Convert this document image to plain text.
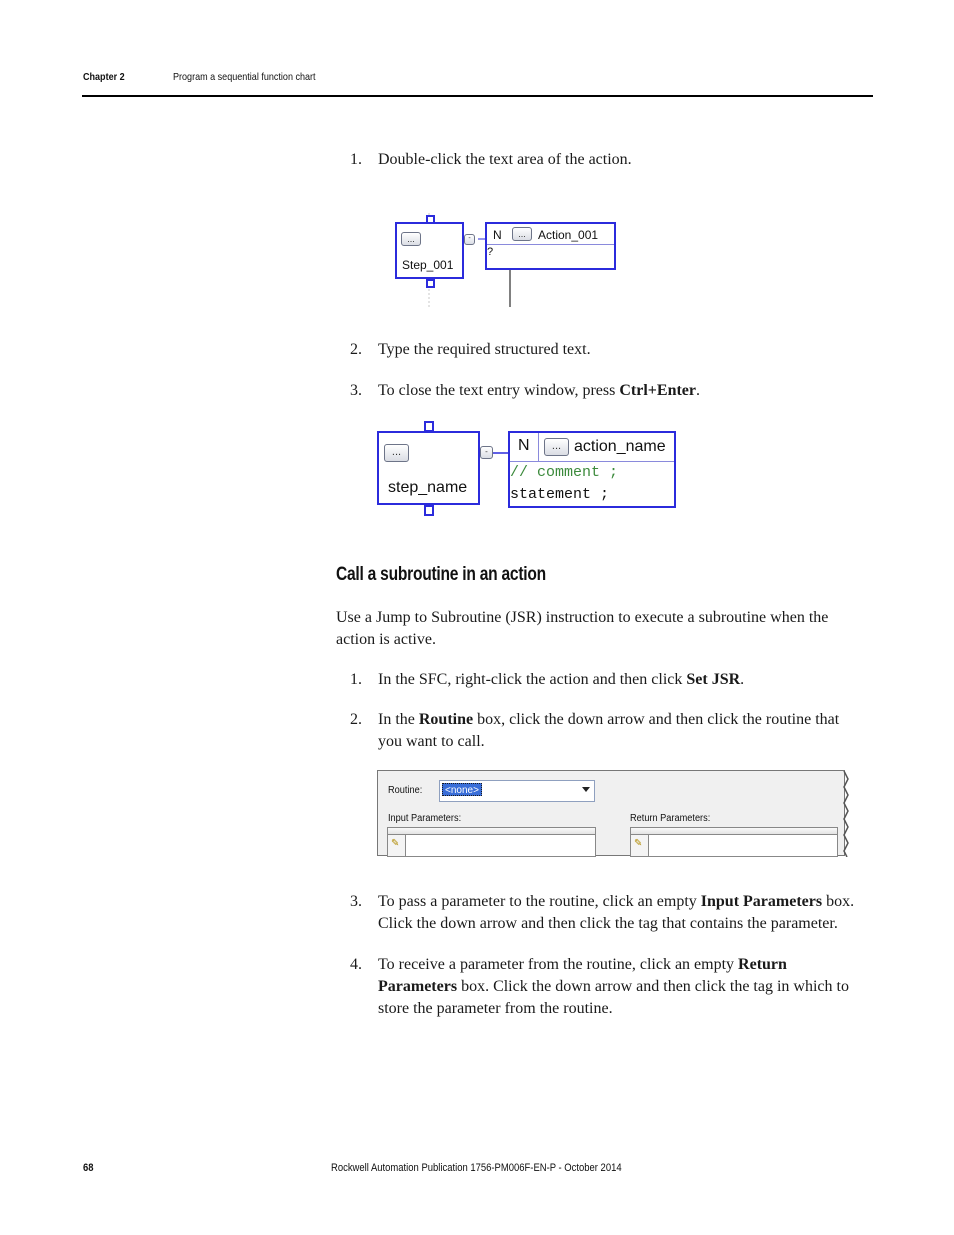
Chapter 2	Program a sequential function chart
1.	Double-click the text area of the action.
...
Step_001
-	N	...	Action_001
?
2.	Type the required structured text.
3.	To close the text entry window, press Ctrl+Enter.
...
step_name
-	N	... action_name
// comment ;
statement ;
Call a subroutine in an action
Use a Jump to Subroutine (JSR) instruction to execute a subroutine when the action is active.
1.	In the SFC, right-click the action and then click Set JSR.
2.	In the Routine box, click the down arrow and then click the routine that you want to call.
Routine:	<none>
Input Parameters:	Return Parameters:
✎	✎
3.	To pass a parameter to the routine, click an empty Input Parameters box. Click the down arrow and then click the tag that contains the parameter.
4.	To receive a parameter from the routine, click an empty Return Parameters box. Click the down arrow and then click the tag in which to store the parameter from the routine.
68	Rockwell Automation Publication 1756-PM006F-EN-P - October 2014
